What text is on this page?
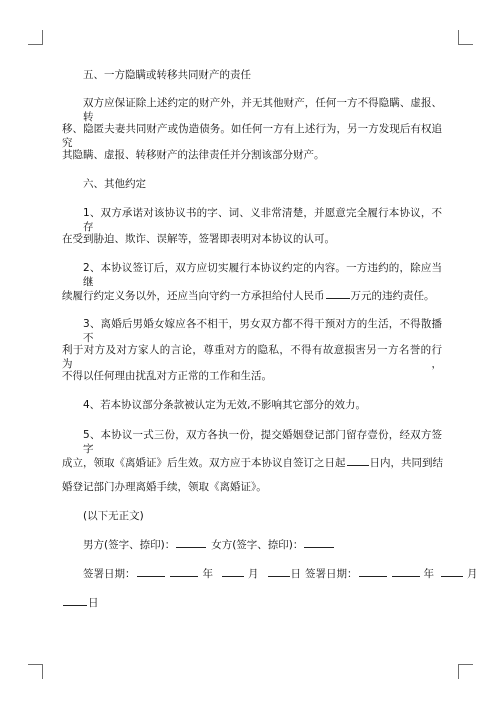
五、一方隐瞒或转移共同财产的责任
双方应保证除上述约定的财产外，并无其他财产，任何一方不得隐瞒、虚报、转
移、隐匿夫妻共同财产或伪造债务。如任何一方有上述行为，另一方发现后有权追究
其隐瞒、虚报、转移财产的法律责任并分割该部分财产。
六、其他约定
1、双方承诺对该协议书的字、词、义非常清楚，并愿意完全履行本协议，不存
在受到胁迫、欺诈、误解等，签署即表明对本协议的认可。
2、本协议签订后，双方应切实履行本协议约定的内容。一方违约的，除应当继
续履行约定义务以外，还应当向守约一方承担给付人民币 万元的违约责任。
3、离婚后男婚女嫁应各不相干，男女双方都不得干预对方的生活，不得散播不
利于对方及对方家人的言论，尊重对方的隐私，不得有故意损害另一方名誉的行为，
不得以任何理由扰乱对方正常的工作和生活。
4、若本协议部分条款被认定为无效,不影响其它部分的效力。
5、本协议一式三份，双方各执一份，提交婚姻登记部门留存壹份，经双方签字
成立，领取《离婚证》后生效。双方应于本协议自签订之日起 日内，共同到结
婚登记部门办理离婚手续，领取《离婚证》。
(以下无正文)
男方(签字、捺印)：	女方(签字、捺印)：
签署日期：	年	月	日 签署日期：	年	月
日
